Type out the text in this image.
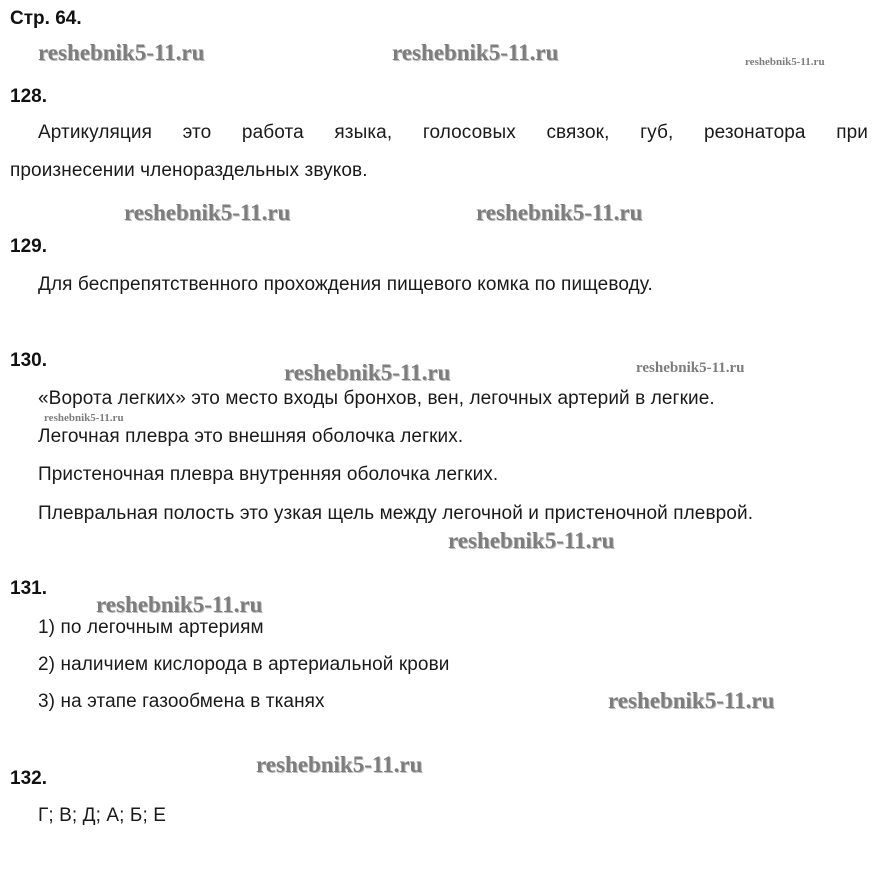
Стр. 64.
reshebnik5-11.ru	reshebnik5-11.ru	reshebnik5-11.ru
128.
Артикуляция это работа языка, голосовых связок, губ, резонатора при
произнесении членораздельных звуков.
reshebnik5-11.ru	reshebnik5-11.ru
129.
Для беспрепятственного прохождения пищевого комка по пищеводу.
130.	reshebnik5-11.ru	reshebnik5-11.ru
«Ворота легких» это место входы бронхов, вен, легочных артерий в легкие.
reshebnik5-11.ru
Легочная плевра это внешняя оболочка легких.
Пристеночная плевра внутренняя оболочка легких.
Плевральная полость это узкая щель между легочной и пристеночной плеврой.
reshebnik5-11.ru
131.
reshebnik5-11.ru
1) по легочным артериям
2) наличием кислорода в артериальной крови
3) на этапе газообмена в тканях	reshebnik5-11.ru
reshebnik5-11.ru
132.
Г; В; Д; А; Б; Е
